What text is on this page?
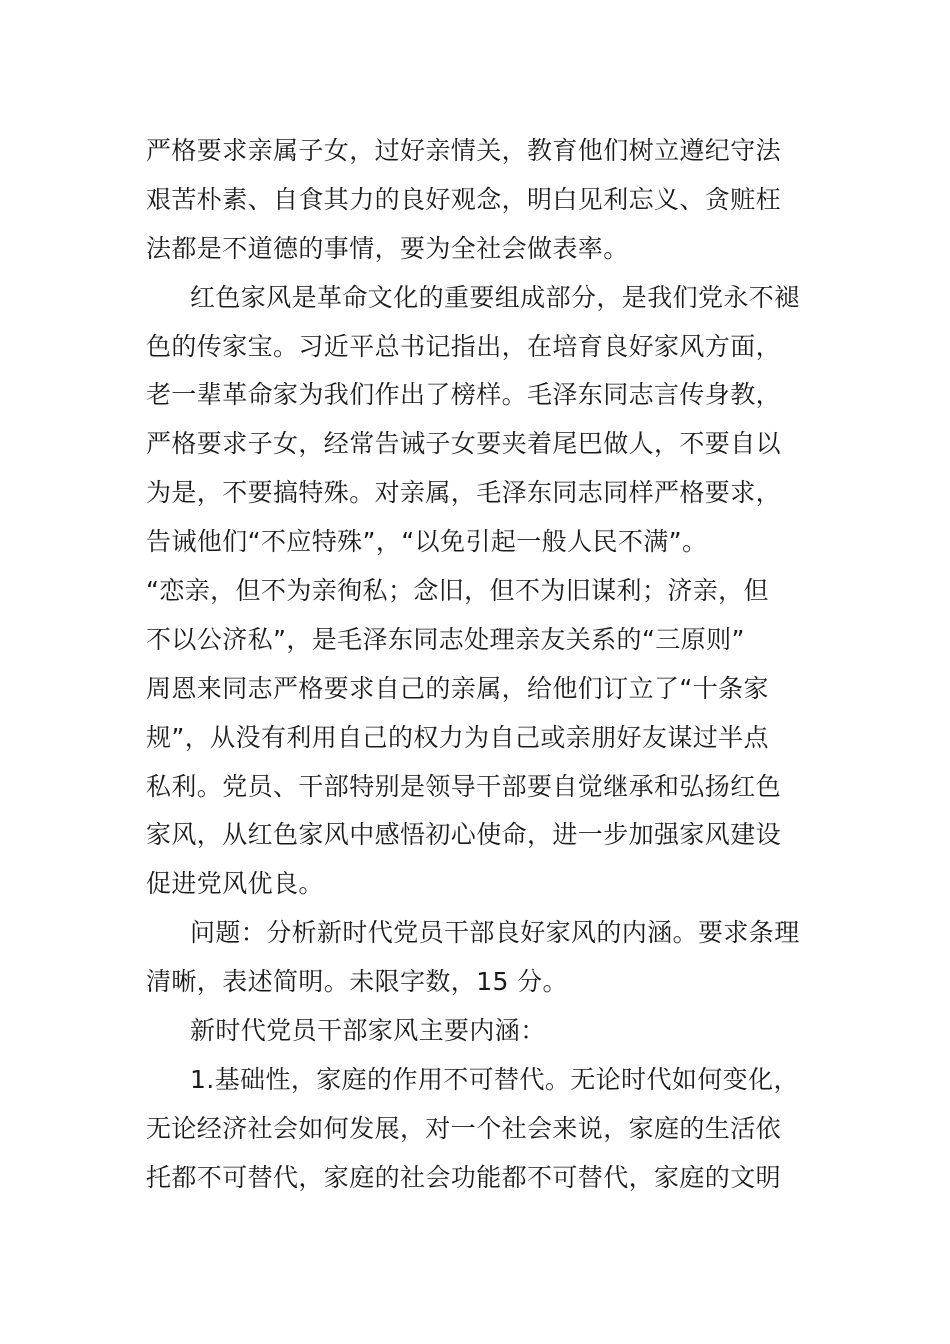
严格要求亲属子女，过好亲情关，教育他们树立遵纪守法
艰苦朴素、自食其力的良好观念，明白见利忘义、贪赃枉
法都是不道德的事情，要为全社会做表率。
红色家风是革命文化的重要组成部分，是我们党永不褪
色的传家宝。习近平总书记指出，在培育良好家风方面，
老一辈革命家为我们作出了榜样。毛泽东同志言传身教，
严格要求子女，经常告诫子女要夹着尾巴做人，不要自以
为是，不要搞特殊。对亲属，毛泽东同志同样严格要求，
告诫他们“不应特殊”，“以免引起一般人民不满”。
“恋亲，但不为亲徇私；念旧，但不为旧谋利；济亲，但
不以公济私”，是毛泽东同志处理亲友关系的“三原则”
周恩来同志严格要求自己的亲属，给他们订立了“十条家
规”，从没有利用自己的权力为自己或亲朋好友谋过半点
私利。党员、干部特别是领导干部要自觉继承和弘扬红色
家风，从红色家风中感悟初心使命，进一步加强家风建设
促进党风优良。
问题：分析新时代党员干部良好家风的内涵。要求条理
清晰，表述简明。未限字数，15 分。
新时代党员干部家风主要内涵：
1.基础性，家庭的作用不可替代。无论时代如何变化，
无论经济社会如何发展，对一个社会来说，家庭的生活依
托都不可替代，家庭的社会功能都不可替代，家庭的文明
